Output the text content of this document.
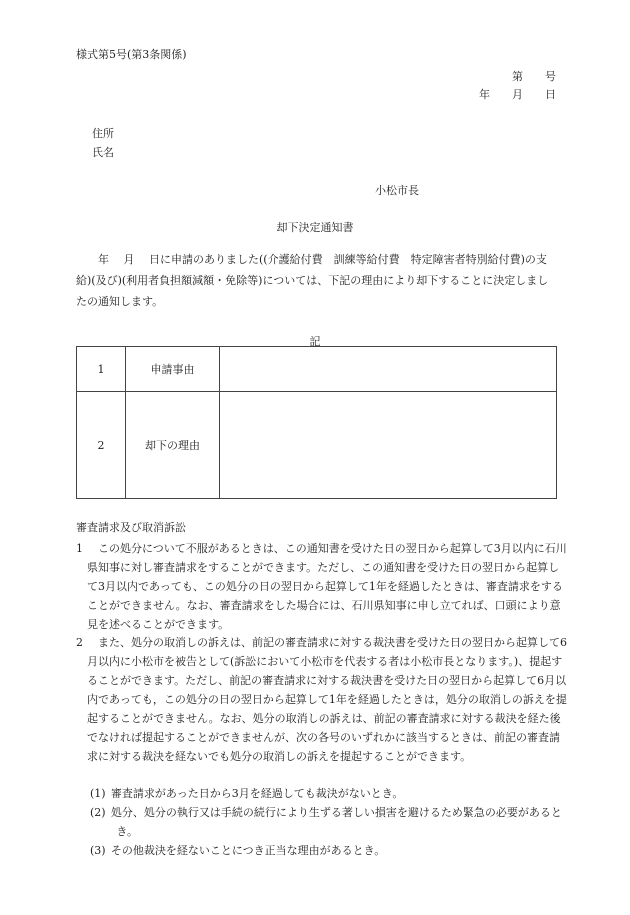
様式第5号(第3条関係)
第　　号
年　　月　　日
住所
氏名
小松市長
却下決定通知書
年　 月　 日に申請のありました((介護給付費　訓練等給付費　特定障害者特別給付費)の支給)(及び)(利用者負担額減額・免除等)については、下記の理由により却下することに決定しましたの通知します。
記
1	申請事由	
2	却下の理由	
審査請求及び取消訴訟
1　 この処分について不服があるときは、この通知書を受けた日の翌日から起算して3月以内に石川県知事に対し審査請求をすることができます。ただし、この通知書を受けた日の翌日から起算して3月以内であっても、この処分の日の翌日から起算して1年を経過したときは、審査請求をすることができません。なお、審査請求をした場合には、石川県知事に申し立てれば、口頭により意見を述べることができます。
2　 また、処分の取消しの訴えは、前記の審査請求に対する裁決書を受けた日の翌日から起算して6月以内に小松市を被告として(訴訟において小松市を代表する者は小松市長となります。)、提起することができます。ただし、前記の審査請求に対する裁決書を受けた日の翌日から起算して6月以内であっても，この処分の日の翌日から起算して1年を経過したときは，処分の取消しの訴えを提起することができません。なお、処分の取消しの訴えは、前記の審査請求に対する裁決を経た後でなければ提起することができませんが、次の各号のいずれかに該当するときは、前記の審査請求に対する裁決を経ないでも処分の取消しの訴えを提起することができます。
(1) 審査請求があった日から3月を経過しても裁決がないとき。
(2) 処分、処分の執行又は手続の続行により生ずる著しい損害を避けるため緊急の必要があるとき。
(3) その他裁決を経ないことにつき正当な理由があるとき。
